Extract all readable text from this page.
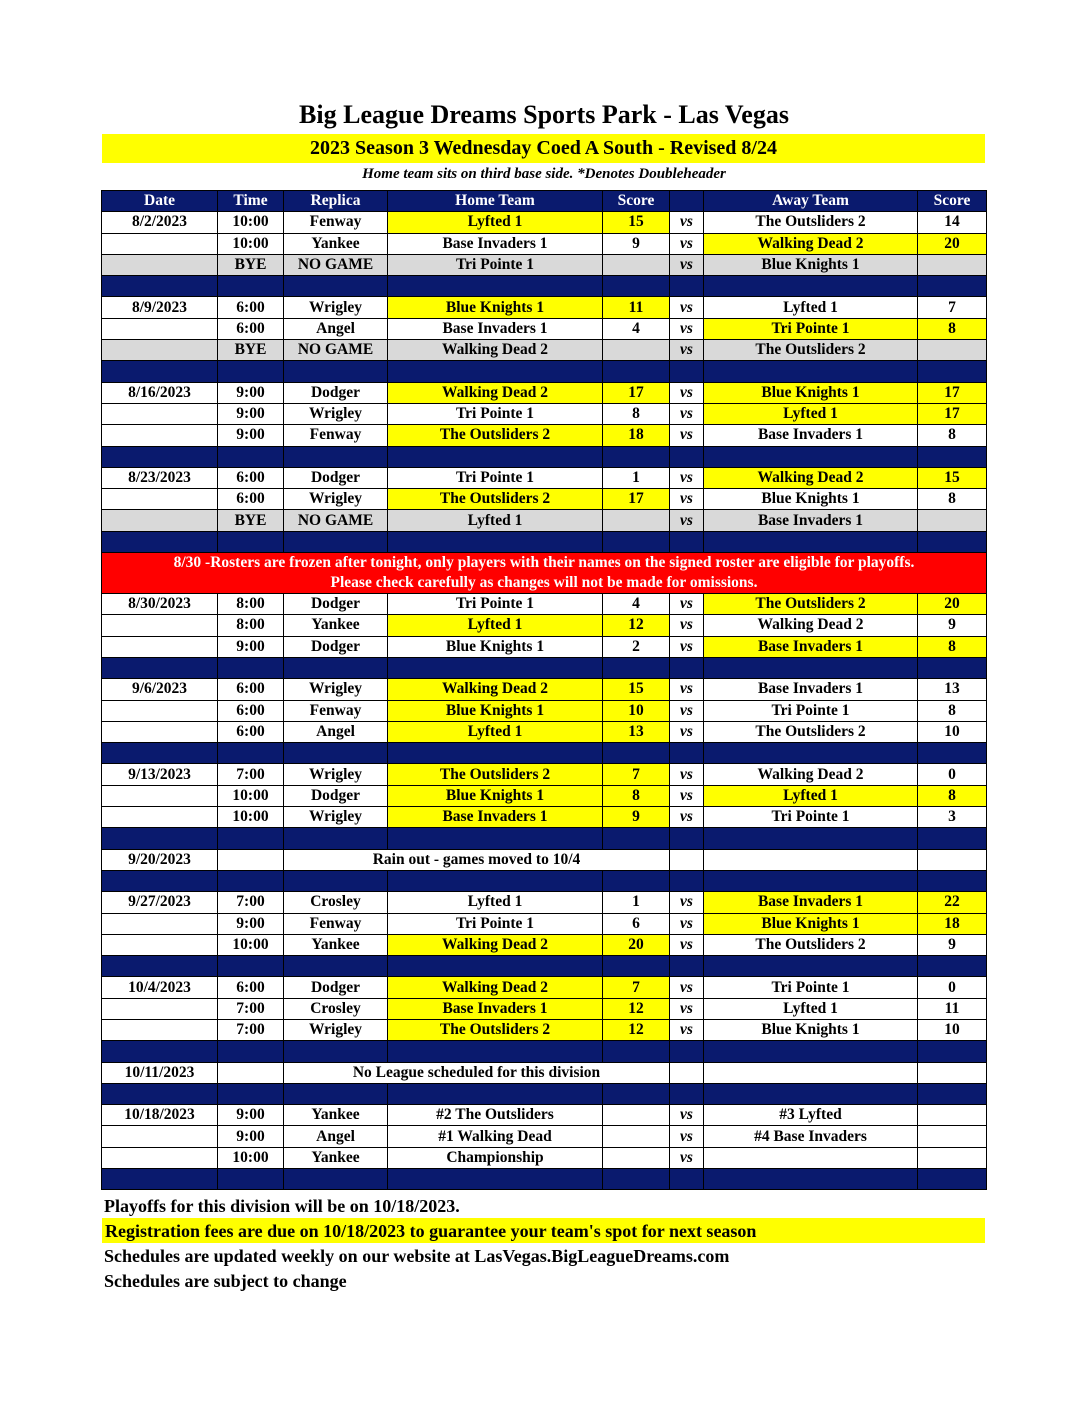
Big League Dreams Sports Park - Las Vegas
2023 Season 3 Wednesday Coed A South - Revised 8/24
Home team sits on third base side. *Denotes Doubleheader
Date	Time	Replica	Home Team	Score		Away Team	Score
8/2/2023	10:00	Fenway	Lyfted 1	15	vs	The Outsliders 2	14
	10:00	Yankee	Base Invaders 1	9	vs	Walking Dead 2	20
	BYE	NO GAME	Tri Pointe 1		vs	Blue Knights 1	

8/9/2023	6:00	Wrigley	Blue Knights 1	11	vs	Lyfted 1	7
	6:00	Angel	Base Invaders 1	4	vs	Tri Pointe 1	8
	BYE	NO GAME	Walking Dead 2		vs	The Outsliders 2	

8/16/2023	9:00	Dodger	Walking Dead 2	17	vs	Blue Knights 1	17
	9:00	Wrigley	Tri Pointe 1	8	vs	Lyfted 1	17
	9:00	Fenway	The Outsliders 2	18	vs	Base Invaders 1	8

8/23/2023	6:00	Dodger	Tri Pointe 1	1	vs	Walking Dead 2	15
	6:00	Wrigley	The Outsliders 2	17	vs	Blue Knights 1	8
	BYE	NO GAME	Lyfted 1		vs	Base Invaders 1	

8/30 -Rosters are frozen after tonight, only players with their names on the signed roster are eligible for playoffs.
Please check carefully as changes will not be made for omissions.							

8/30/2023	8:00	Dodger	Tri Pointe 1	4	vs	The Outsliders 2	20
	8:00	Yankee	Lyfted 1	12	vs	Walking Dead 2	9
	9:00	Dodger	Blue Knights 1	2	vs	Base Invaders 1	8

9/6/2023	6:00	Wrigley	Walking Dead 2	15	vs	Base Invaders 1	13
	6:00	Fenway	Blue Knights 1	10	vs	Tri Pointe 1	8
	6:00	Angel	Lyfted 1	13	vs	The Outsliders 2	10

9/13/2023	7:00	Wrigley	The Outsliders 2	7	vs	Walking Dead 2	0
	10:00	Dodger	Blue Knights 1	8	vs	Lyfted 1	8
	10:00	Wrigley	Base Invaders 1	9	vs	Tri Pointe 1	3

9/20/2023		Rain out - games moved to 10/4					

9/27/2023	7:00	Crosley	Lyfted 1	1	vs	Base Invaders 1	22
	9:00	Fenway	Tri Pointe 1	6	vs	Blue Knights 1	18
	10:00	Yankee	Walking Dead 2	20	vs	The Outsliders 2	9

10/4/2023	6:00	Dodger	Walking Dead 2	7	vs	Tri Pointe 1	0
	7:00	Crosley	Base Invaders 1	12	vs	Lyfted 1	11
	7:00	Wrigley	The Outsliders 2	12	vs	Blue Knights 1	10

10/11/2023		No League scheduled for this division					

10/18/2023	9:00	Yankee	#2 The Outsliders		vs	#3 Lyfted	
	9:00	Angel	#1 Walking Dead		vs	#4 Base Invaders	
	10:00	Yankee	Championship		vs		

Playoffs for this division will be on 10/18/2023.
Registration fees are due on 10/18/2023 to guarantee your team's spot for next season
Schedules are updated weekly on our website at LasVegas.BigLeagueDreams.com
Schedules are subject to change
